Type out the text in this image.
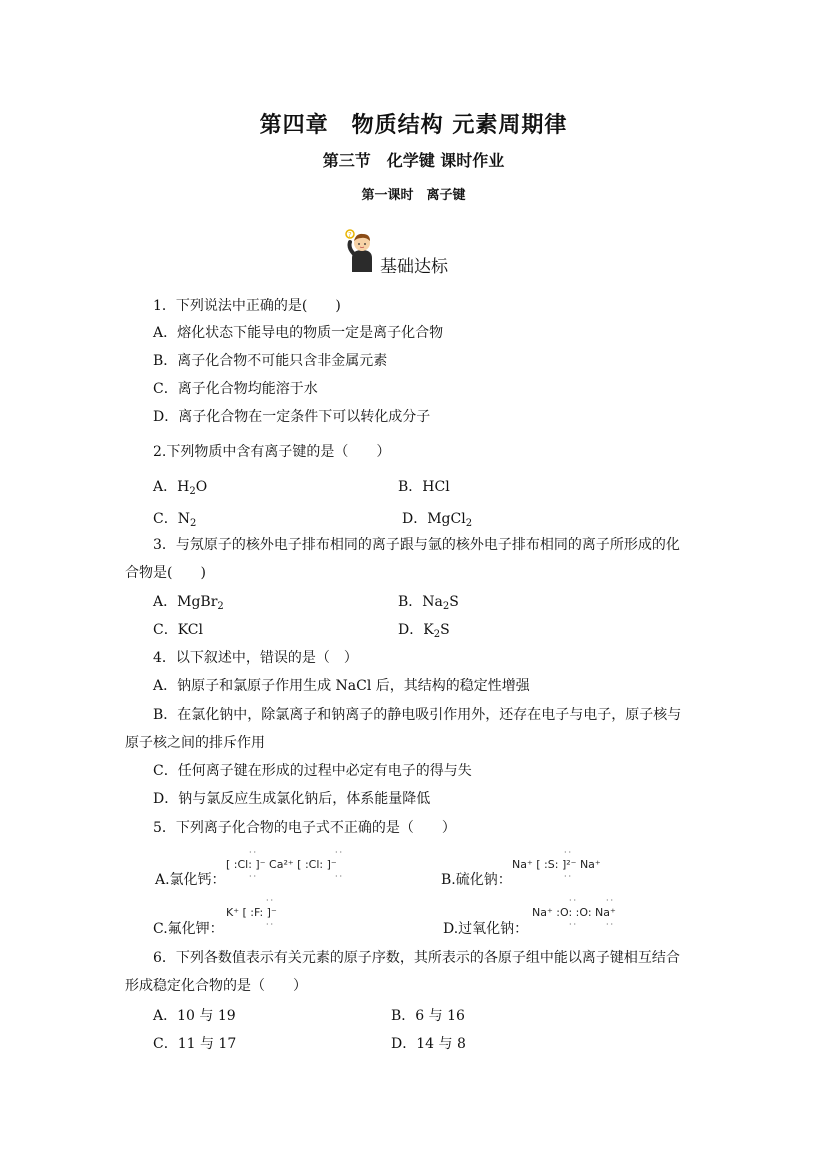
第四章　物质结构 元素周期律
第三节　化学键 课时作业
第一课时　离子键
?
基础达标
1．下列说法中正确的是(　　)
A．熔化状态下能导电的物质一定是离子化合物
B．离子化合物不可能只含非金属元素
C．离子化合物均能溶于水
D．离子化合物在一定条件下可以转化成分子
2.下列物质中含有离子键的是（　　）
A．$H_2O$	B．HCl
C．$N_2$	D．MgCl$_2$
3．与氖原子的核外电子排布相同的离子跟与氩的核外电子排布相同的离子所形成的化
合物是(　　)
A．MgBr$_2$	B．$Na_2S$
C．KCl	D．$K_2S$
4．以下叙述中，错误的是（　）
A．钠原子和氯原子作用生成 NaCl 后，其结构的稳定性增强
B．在氯化钠中，除氯离子和钠离子的静电吸引作用外，还存在电子与电子，原子核与
原子核之间的排斥作用
C．任何离子键在形成的过程中必定有电子的得与失
D．钠与氯反应生成氯化钠后，体系能量降低
5．下列离子化合物的电子式不正确的是（　　）
A.氯化钙：
··
··
··
··
[ :Cl: ]⁻ Ca²⁺ [ :Cl: ]⁻
B.硫化钠：
··
··
Na⁺ [ :S: ]²⁻ Na⁺
C.氟化钾：
··
··
K⁺ [ :F: ]⁻
D.过氧化钠：
··
··
··
··
Na⁺ :O: :O: Na⁺
6．下列各数值表示有关元素的原子序数，其所表示的各原子组中能以离子键相互结合
形成稳定化合物的是（　　）
A．10 与 19	B．6 与 16
C．11 与 17	D．14 与 8
